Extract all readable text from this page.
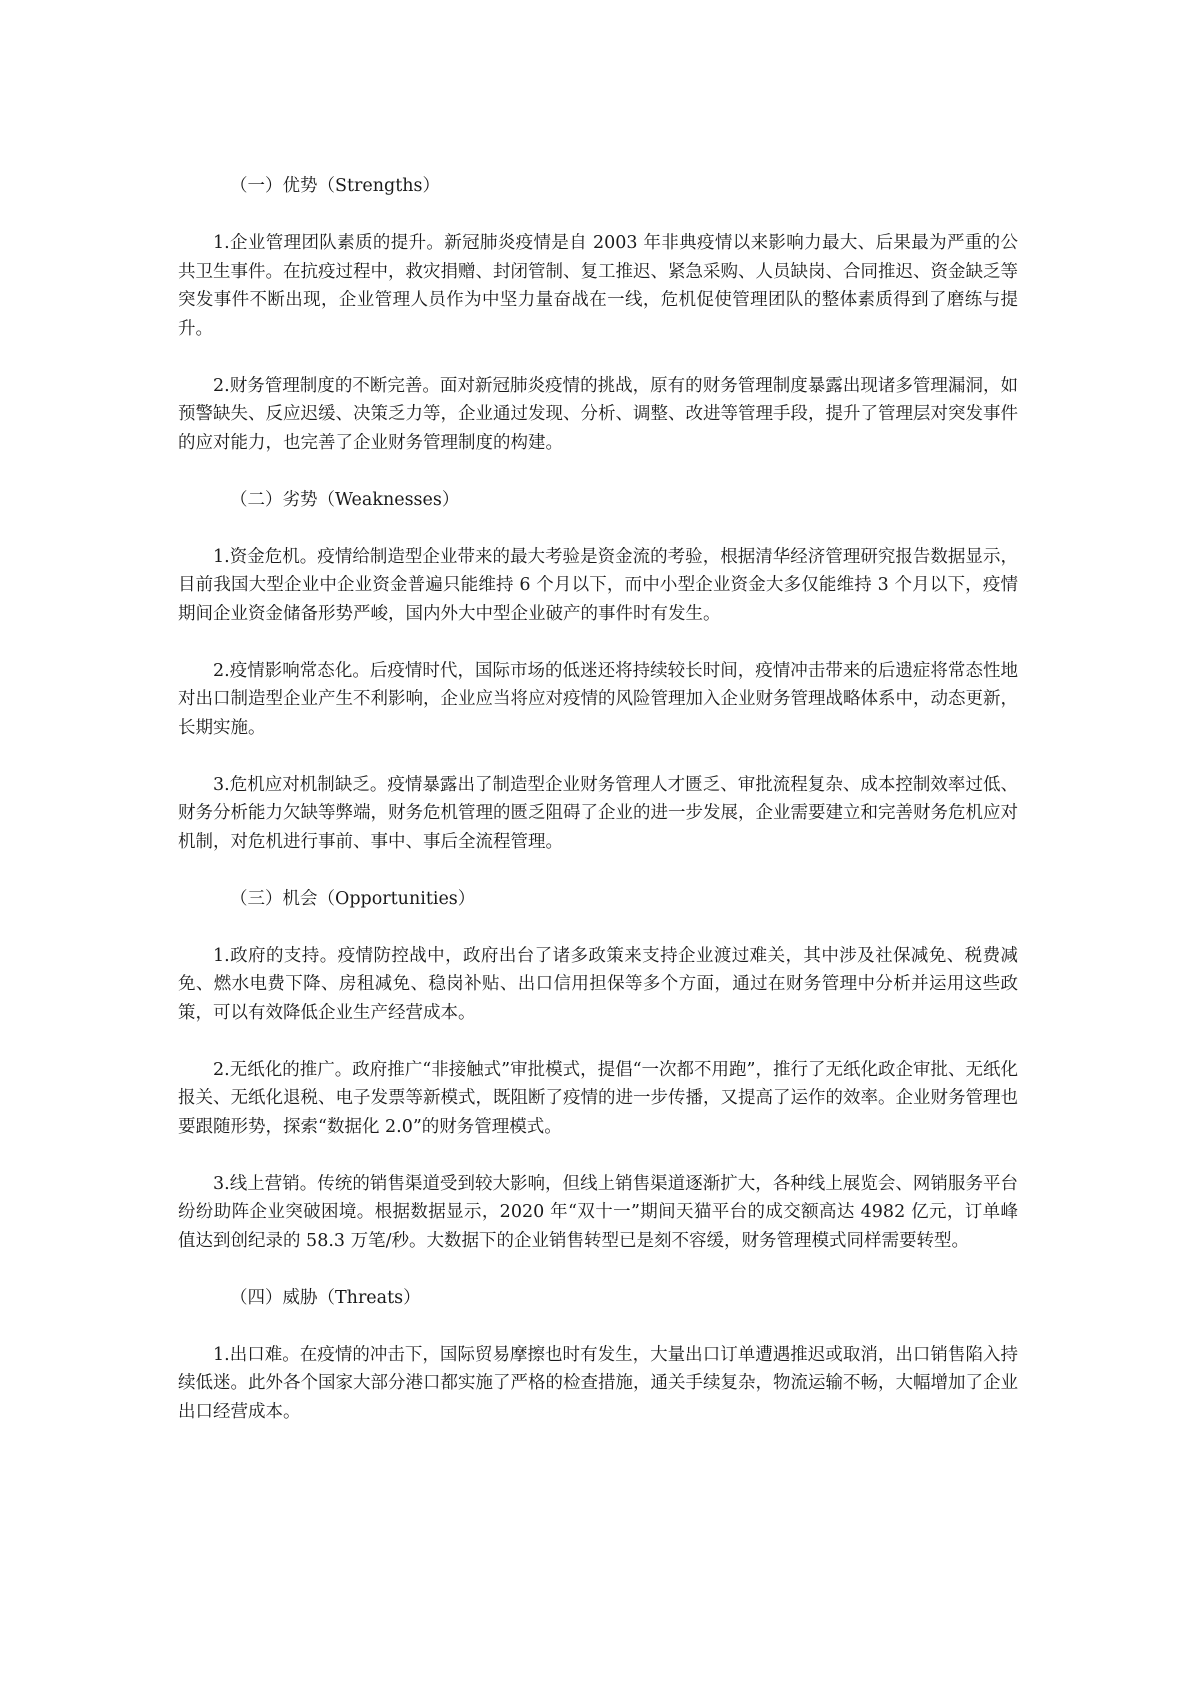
（一）优势（Strengths）

1.企业管理团队素质的提升。新冠肺炎疫情是自 2003 年非典疫情以来影响力最大、后果最为严重的公共卫生事件。在抗疫过程中，救灾捐赠、封闭管制、复工推迟、紧急采购、人员缺岗、合同推迟、资金缺乏等突发事件不断出现，企业管理人员作为中坚力量奋战在一线，危机促使管理团队的整体素质得到了磨练与提升。

2.财务管理制度的不断完善。面对新冠肺炎疫情的挑战，原有的财务管理制度暴露出现诸多管理漏洞，如预警缺失、反应迟缓、决策乏力等，企业通过发现、分析、调整、改进等管理手段，提升了管理层对突发事件的应对能力，也完善了企业财务管理制度的构建。

（二）劣势（Weaknesses）

1.资金危机。疫情给制造型企业带来的最大考验是资金流的考验，根据清华经济管理研究报告数据显示，目前我国大型企业中企业资金普遍只能维持 6 个月以下，而中小型企业资金大多仅能维持 3 个月以下，疫情期间企业资金储备形势严峻，国内外大中型企业破产的事件时有发生。

2.疫情影响常态化。后疫情时代，国际市场的低迷还将持续较长时间，疫情冲击带来的后遗症将常态性地对出口制造型企业产生不利影响，企业应当将应对疫情的风险管理加入企业财务管理战略体系中，动态更新，长期实施。

3.危机应对机制缺乏。疫情暴露出了制造型企业财务管理人才匮乏、审批流程复杂、成本控制效率过低、财务分析能力欠缺等弊端，财务危机管理的匮乏阻碍了企业的进一步发展，企业需要建立和完善财务危机应对机制，对危机进行事前、事中、事后全流程管理。

（三）机会（Opportunities）

1.政府的支持。疫情防控战中，政府出台了诸多政策来支持企业渡过难关，其中涉及社保减免、税费减免、燃水电费下降、房租减免、稳岗补贴、出口信用担保等多个方面，通过在财务管理中分析并运用这些政策，可以有效降低企业生产经营成本。

2.无纸化的推广。政府推广“非接触式”审批模式，提倡“一次都不用跑”，推行了无纸化政企审批、无纸化报关、无纸化退税、电子发票等新模式，既阻断了疫情的进一步传播，又提高了运作的效率。企业财务管理也要跟随形势，探索“数据化 2.0”的财务管理模式。

3.线上营销。传统的销售渠道受到较大影响，但线上销售渠道逐渐扩大，各种线上展览会、网销服务平台纷纷助阵企业突破困境。根据数据显示，2020 年“双十一”期间天猫平台的成交额高达 4982 亿元，订单峰值达到创纪录的 58.3 万笔/秒。大数据下的企业销售转型已是刻不容缓，财务管理模式同样需要转型。

（四）威胁（Threats）

1.出口难。在疫情的冲击下，国际贸易摩擦也时有发生，大量出口订单遭遇推迟或取消，出口销售陷入持续低迷。此外各个国家大部分港口都实施了严格的检查措施，通关手续复杂，物流运输不畅，大幅增加了企业出口经营成本。
